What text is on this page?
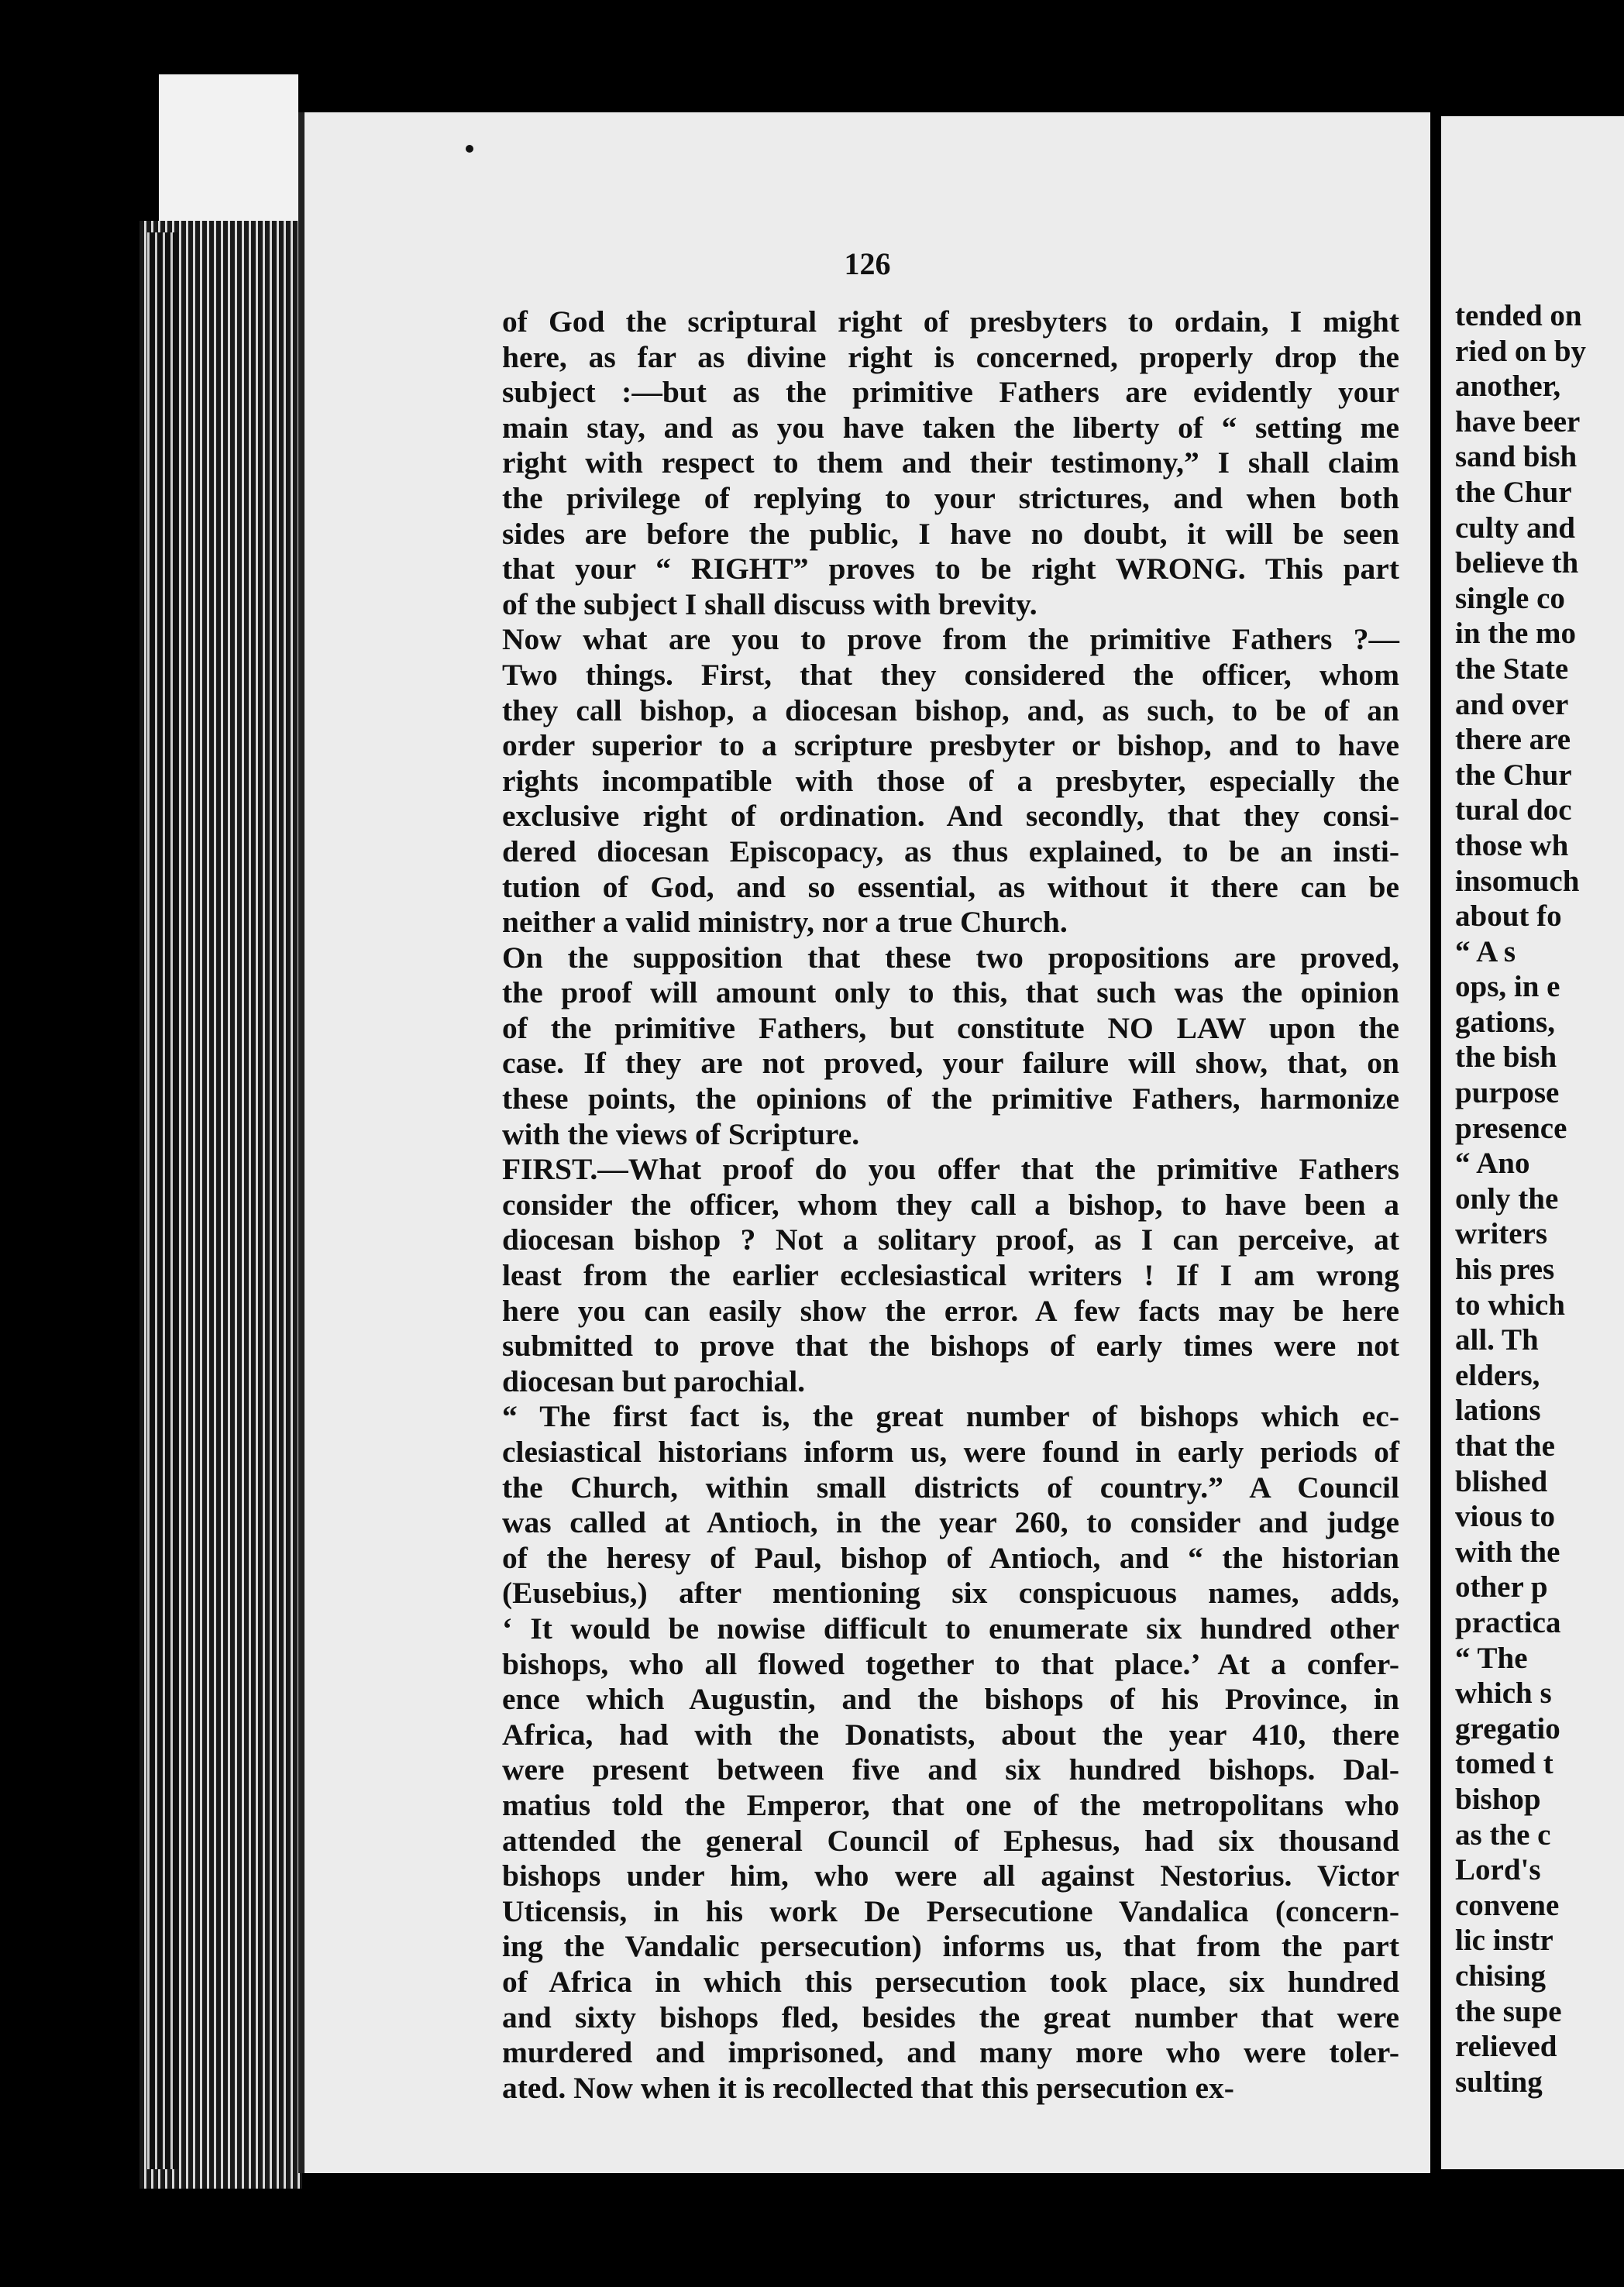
126
of God the scriptural right of presbyters to ordain, I might
here, as far as divine right is concerned, properly drop the
subject :—but as the primitive Fathers are evidently your
main stay, and as you have taken the liberty of “ setting me
right with respect to them and their testimony,” I shall claim
the privilege of replying to your strictures, and when both
sides are before the public, I have no doubt, it will be seen
that your “ RIGHT” proves to be right WRONG. This part
of the subject I shall discuss with brevity.
Now what are you to prove from the primitive Fathers ?—
Two things. First, that they considered the officer, whom
they call bishop, a diocesan bishop, and, as such, to be of an
order superior to a scripture presbyter or bishop, and to have
rights incompatible with those of a presbyter, especially the
exclusive right of ordination. And secondly, that they consi-
dered diocesan Episcopacy, as thus explained, to be an insti-
tution of God, and so essential, as without it there can be
neither a valid ministry, nor a true Church.
On the supposition that these two propositions are proved,
the proof will amount only to this, that such was the opinion
of the primitive Fathers, but constitute NO LAW upon the
case. If they are not proved, your failure will show, that, on
these points, the opinions of the primitive Fathers, harmonize
with the views of Scripture.
FIRST.—What proof do you offer that the primitive Fathers
consider the officer, whom they call a bishop, to have been a
diocesan bishop ? Not a solitary proof, as I can perceive, at
least from the earlier ecclesiastical writers ! If I am wrong
here you can easily show the error. A few facts may be here
submitted to prove that the bishops of early times were not
diocesan but parochial.
“ The first fact is, the great number of bishops which ec-
clesiastical historians inform us, were found in early periods of
the Church, within small districts of country.” A Council
was called at Antioch, in the year 260, to consider and judge
of the heresy of Paul, bishop of Antioch, and “ the historian
(Eusebius,) after mentioning six conspicuous names, adds,
‘ It would be nowise difficult to enumerate six hundred other
bishops, who all flowed together to that place.’ At a confer-
ence which Augustin, and the bishops of his Province, in
Africa, had with the Donatists, about the year 410, there
were present between five and six hundred bishops. Dal-
matius told the Emperor, that one of the metropolitans who
attended the general Council of Ephesus, had six thousand
bishops under him, who were all against Nestorius. Victor
Uticensis, in his work De Persecutione Vandalica (concern-
ing the Vandalic persecution) informs us, that from the part
of Africa in which this persecution took place, six hundred
and sixty bishops fled, besides the great number that were
murdered and imprisoned, and many more who were toler-
ated. Now when it is recollected that this persecution ex-
tended on
ried on by
another,
have beer
sand bish
the Chur
culty and
believe th
single co
in the mo
the State
and over
there are
the Chur
tural doc
those wh
insomuch
about fo
“ A s
ops, in e
gations,
the bish
purpose
presence
“ Ano
only the
writers
his pres
to which
all. Th
elders,
lations
that the
blished
vious to
with the
other p
practica
“ The
which s
gregatio
tomed t
bishop
as the c
Lord's
convene
lic instr
chising
the supe
relieved
sulting
